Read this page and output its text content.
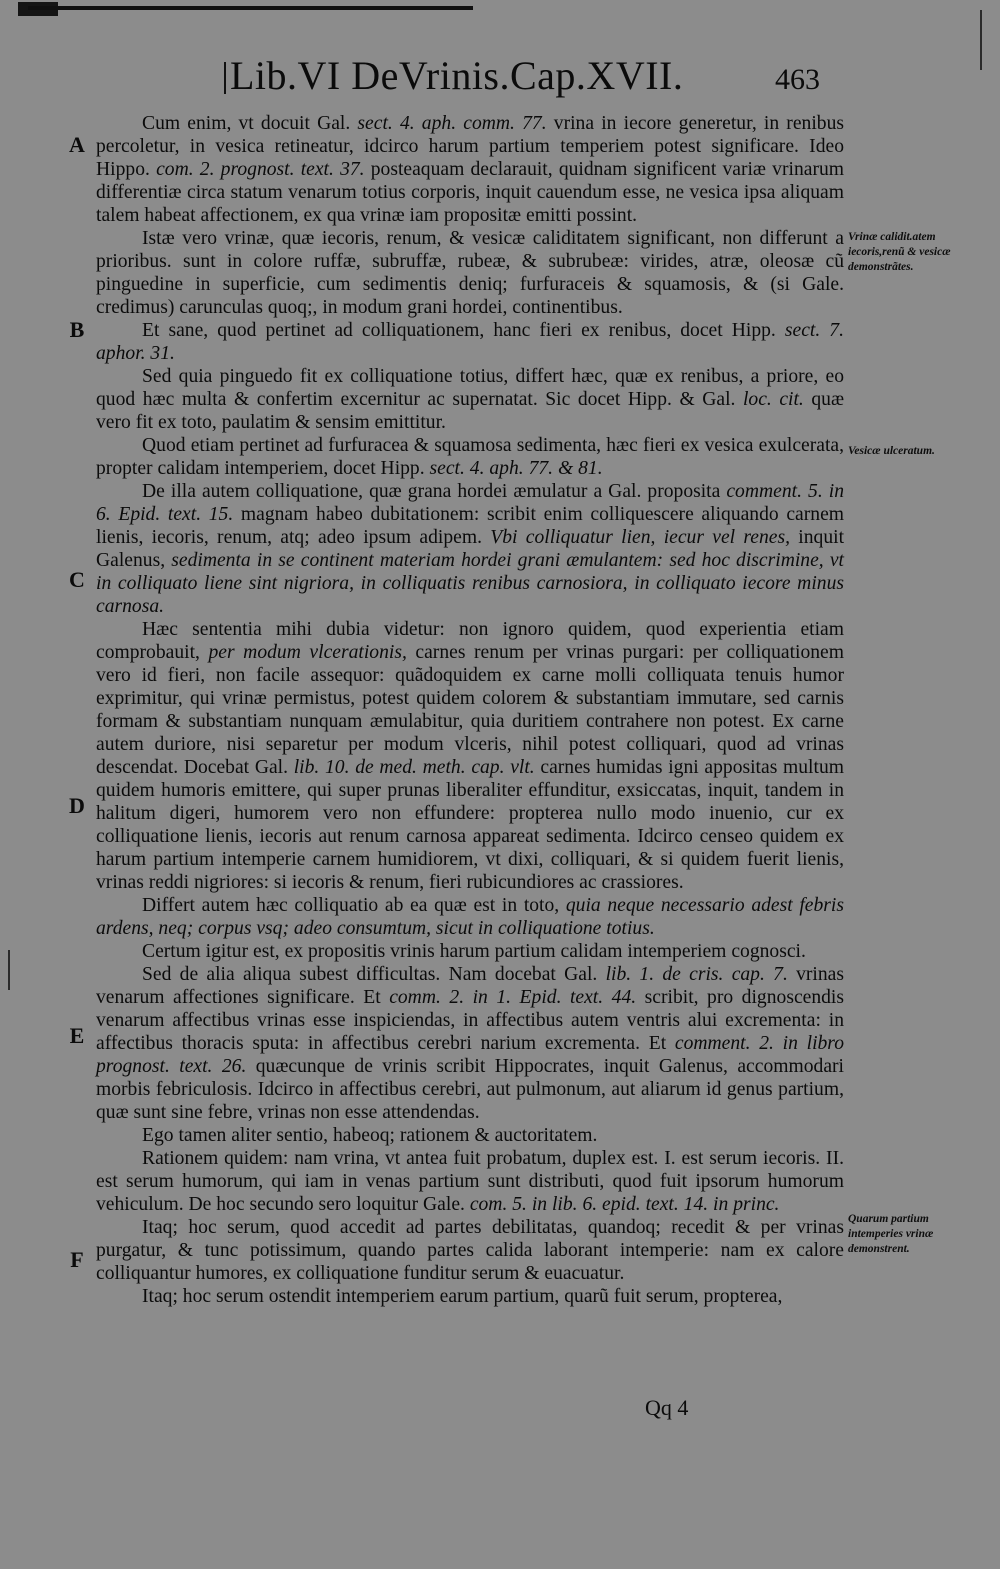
Lib.VI DeVrinis.Cap.XVII.	463
A
B
C
D
E
F
Vrinæ calidit.atem iecoris,renũ & vesicæ demonstrãtes.
Vesicæ ulceratum.
Quarum partium intemperies vrinæ demonstrent.

Cum enim, vt docuit Gal. sect. 4. aph. comm. 77. vrina in iecore generetur, in renibus percoletur, in vesica retineatur, idcirco harum partium temperiem potest significare. Ideo Hippo. com. 2. prognost. text. 37. posteaquam declarauit, quidnam significent variæ vrinarum differentiæ circa statum venarum totius corporis, inquit cauendum esse, ne vesica ipsa aliquam talem habeat affectionem, ex qua vrinæ iam propositæ emitti possint.

Istæ vero vrinæ, quæ iecoris, renum, & vesicæ caliditatem significant, non differunt a prioribus. sunt in colore ruffæ, subruffæ, rubeæ, & subrubeæ: virides, atræ, oleosæ cũ pinguedine in superficie, cum sedimentis deniq; furfuraceis & squamosis, & (si Gale. credimus) carunculas quoq;, in modum grani hordei, continentibus.

Et sane, quod pertinet ad colliquationem, hanc fieri ex renibus, docet Hipp. sect. 7. aphor. 31.

Sed quia pinguedo fit ex colliquatione totius, differt hæc, quæ ex renibus, a priore, eo quod hæc multa & confertim excernitur ac supernatat. Sic docet Hipp. & Gal. loc. cit. quæ vero fit ex toto, paulatim & sensim emittitur.

Quod etiam pertinet ad furfuracea & squamosa sedimenta, hæc fieri ex vesica exulcerata, propter calidam intemperiem, docet Hipp. sect. 4. aph. 77. & 81.

De illa autem colliquatione, quæ grana hordei æmulatur a Gal. proposita comment. 5. in 6. Epid. text. 15. magnam habeo dubitationem: scribit enim colliquescere aliquando carnem lienis, iecoris, renum, atq; adeo ipsum adipem. Vbi colliquatur lien, iecur vel renes, inquit Galenus, sedimenta in se continent materiam hordei grani æmulantem: sed hoc discrimine, vt in colliquato liene sint nigriora, in colliquatis renibus carnosiora, in colliquato iecore minus carnosa.

Hæc sententia mihi dubia videtur: non ignoro quidem, quod experientia etiam comprobauit, per modum vlcerationis, carnes renum per vrinas purgari: per colliquationem vero id fieri, non facile assequor: quãdoquidem ex carne molli colliquata tenuis humor exprimitur, qui vrinæ permistus, potest quidem colorem & substantiam immutare, sed carnis formam & substantiam nunquam æmulabitur, quia duritiem contrahere non potest. Ex carne autem duriore, nisi separetur per modum vlceris, nihil potest colliquari, quod ad vrinas descendat. Docebat Gal. lib. 10. de med. meth. cap. vlt. carnes humidas igni appositas multum quidem humoris emittere, qui super prunas liberaliter effunditur, exsiccatas, inquit, tandem in halitum digeri, humorem vero non effundere: propterea nullo modo inuenio, cur ex colliquatione lienis, iecoris aut renum carnosa appareat sedimenta. Idcirco censeo quidem ex harum partium intemperie carnem humidiorem, vt dixi, colliquari, & si quidem fuerit lienis, vrinas reddi nigriores: si iecoris & renum, fieri rubicundiores ac crassiores.

Differt autem hæc colliquatio ab ea quæ est in toto, quia neque necessario adest febris ardens, neq; corpus vsq; adeo consumtum, sicut in colliquatione totius.

Certum igitur est, ex propositis vrinis harum partium calidam intemperiem cognosci.

Sed de alia aliqua subest difficultas. Nam docebat Gal. lib. 1. de cris. cap. 7. vrinas venarum affectiones significare. Et comm. 2. in 1. Epid. text. 44. scribit, pro dignoscendis venarum affectibus vrinas esse inspiciendas, in affectibus autem ventris alui excrementa: in affectibus thoracis sputa: in affectibus cerebri narium excrementa. Et comment. 2. in libro prognost. text. 26. quæcunque de vrinis scribit Hippocrates, inquit Galenus, accommodari morbis febriculosis. Idcirco in affectibus cerebri, aut pulmonum, aut aliarum id genus partium, quæ sunt sine febre, vrinas non esse attendendas.

Ego tamen aliter sentio, habeoq; rationem & auctoritatem.

Rationem quidem: nam vrina, vt antea fuit probatum, duplex est. I. est serum iecoris. II. est serum humorum, qui iam in venas partium sunt distributi, quod fuit ipsorum humorum vehiculum. De hoc secundo sero loquitur Gale. com. 5. in lib. 6. epid. text. 14. in princ.

Itaq; hoc serum, quod accedit ad partes debilitatas, quandoq; recedit & per vrinas purgatur, & tunc potissimum, quando partes calida laborant intemperie: nam ex calore colliquantur humores, ex colliquatione funditur serum & euacuatur.

Itaq; hoc serum ostendit intemperiem earum partium, quarũ fuit serum, propterea,

Qq 4
